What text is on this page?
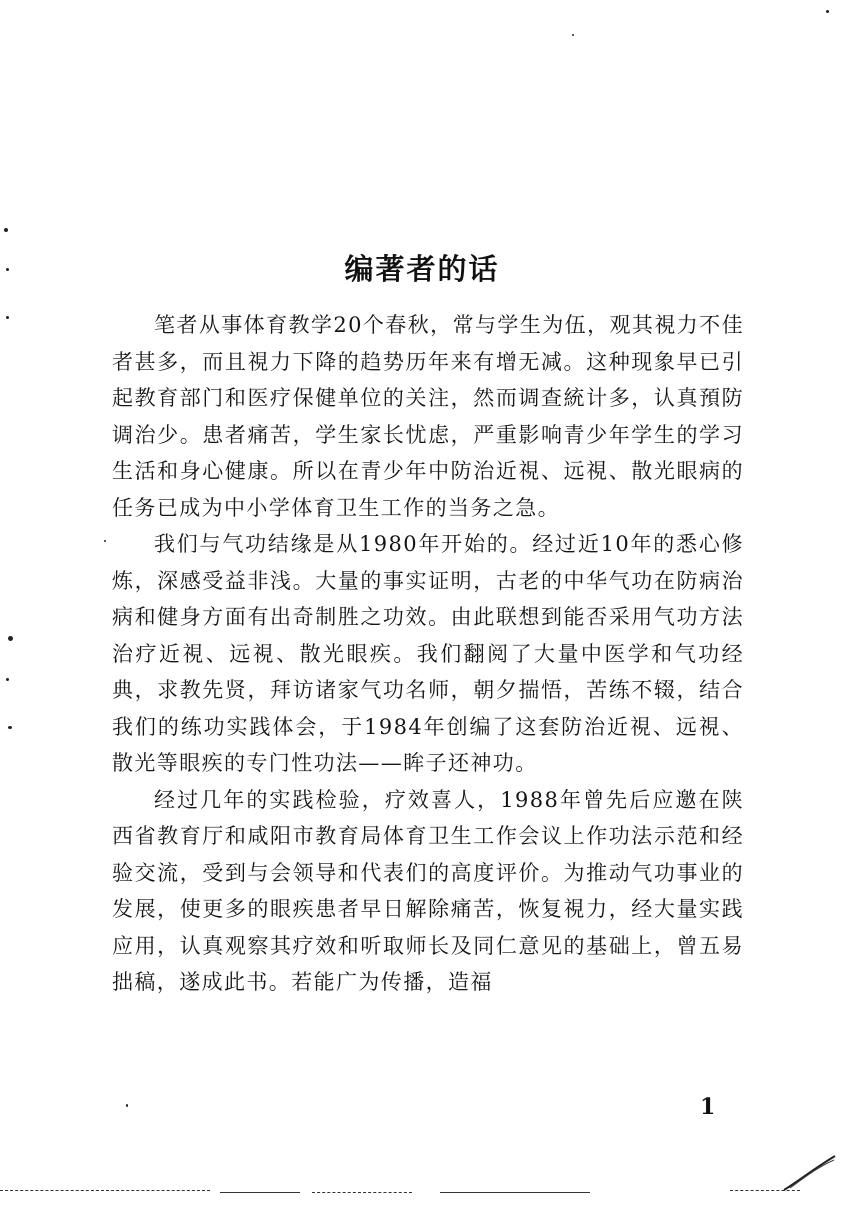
编著者的话

笔者从事体育教学20个春秋，常与学生为伍，观其視力不佳者甚多，而且視力下降的趋势历年来有增无减。这种现象早已引起教育部门和医疗保健单位的关注，然而调查統计多，认真預防调治少。患者痛苦，学生家长忧虑，严重影响青少年学生的学习生活和身心健康。所以在青少年中防治近視、远視、散光眼病的任务已成为中小学体育卫生工作的当务之急。

我们与气功结缘是从1980年开始的。经过近10年的悉心修炼，深感受益非浅。大量的事实证明，古老的中华气功在防病治病和健身方面有出奇制胜之功效。由此联想到能否采用气功方法治疗近視、远視、散光眼疾。我们翻阅了大量中医学和气功经典，求教先贤，拜访诸家气功名师，朝夕揣悟，苦练不辍，结合我们的练功实践体会，于1984年创编了这套防治近視、远視、散光等眼疾的专门性功法——眸子还神功。

经过几年的实践检验，疗效喜人，1988年曾先后应邀在陕西省教育厅和咸阳市教育局体育卫生工作会议上作功法示范和经验交流，受到与会领导和代表们的高度评价。为推动气功事业的发展，使更多的眼疾患者早日解除痛苦，恢复視力，经大量实践应用，认真观察其疗效和听取师长及同仁意见的基础上，曾五易拙稿，遂成此书。若能广为传播，造福

1
